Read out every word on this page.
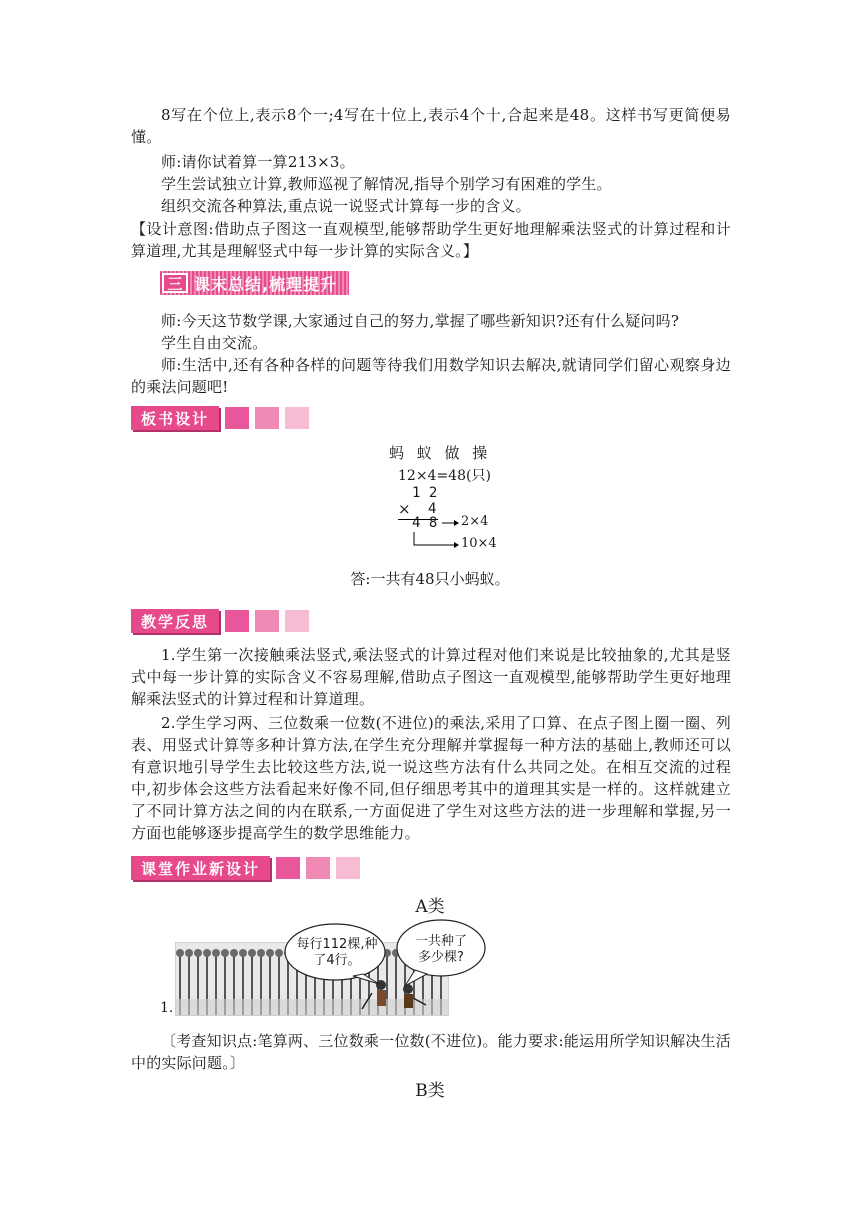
8写在个位上,表示8个一;4写在十位上,表示4个十,合起来是48。这样书写更简便易懂。
师:请你试着算一算213×3。
学生尝试独立计算,教师巡视了解情况,指导个别学习有困难的学生。
组织交流各种算法,重点说一说竖式计算每一步的含义。
【设计意图:借助点子图这一直观模型,能够帮助学生更好地理解乘法竖式的计算过程和计算道理,尤其是理解竖式中每一步计算的实际含义。】
三 课末总结,梳理提升
师:今天这节数学课,大家通过自己的努力,掌握了哪些新知识?还有什么疑问吗?
学生自由交流。
师:生活中,还有各种各样的问题等待我们用数学知识去解决,就请同学们留心观察身边的乘法问题吧!
板书设计
蚂 蚁 做 操
12×4=48(只)
1 2
× 4
4 8 2×4
10×4
答:一共有48只小蚂蚁。
教学反思
1.学生第一次接触乘法竖式,乘法竖式的计算过程对他们来说是比较抽象的,尤其是竖式中每一步计算的实际含义不容易理解,借助点子图这一直观模型,能够帮助学生更好地理解乘法竖式的计算过程和计算道理。
2.学生学习两、三位数乘一位数(不进位)的乘法,采用了口算、在点子图上圈一圈、列表、用竖式计算等多种计算方法,在学生充分理解并掌握每一种方法的基础上,教师还可以有意识地引导学生去比较这些方法,说一说这些方法有什么共同之处。在相互交流的过程中,初步体会这些方法看起来好像不同,但仔细思考其中的道理其实是一样的。这样就建立了不同计算方法之间的内在联系,一方面促进了学生对这些方法的进一步理解和掌握,另一方面也能够逐步提高学生的数学思维能力。
课堂作业新设计
A类
1.
每行112棵,种了4行。
一共种了多少棵?
〔考查知识点:笔算两、三位数乘一位数(不进位)。能力要求:能运用所学知识解决生活中的实际问题。〕
B类
